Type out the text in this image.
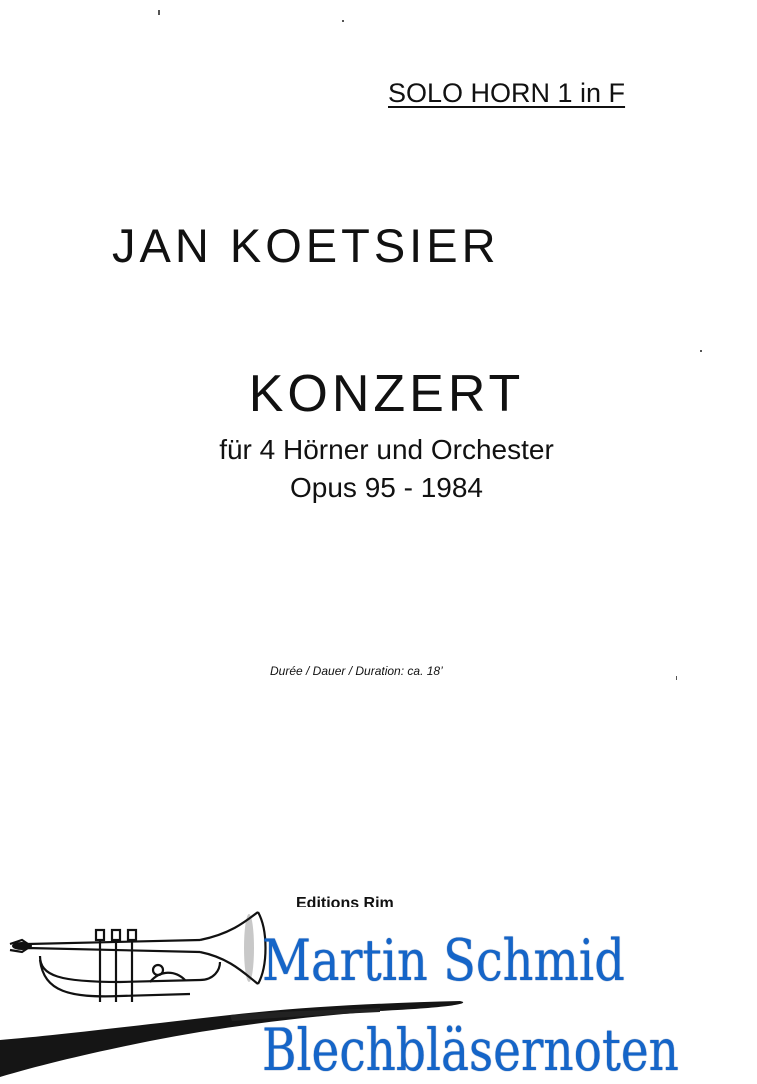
SOLO HORN 1 in F
JAN KOETSIER
KONZERT
für 4 Hörner und Orchester
Opus 95 - 1984
Durée / Dauer / Duration: ca. 18’
Editions Rim
Martin Schmid
Blechbläsernoten
